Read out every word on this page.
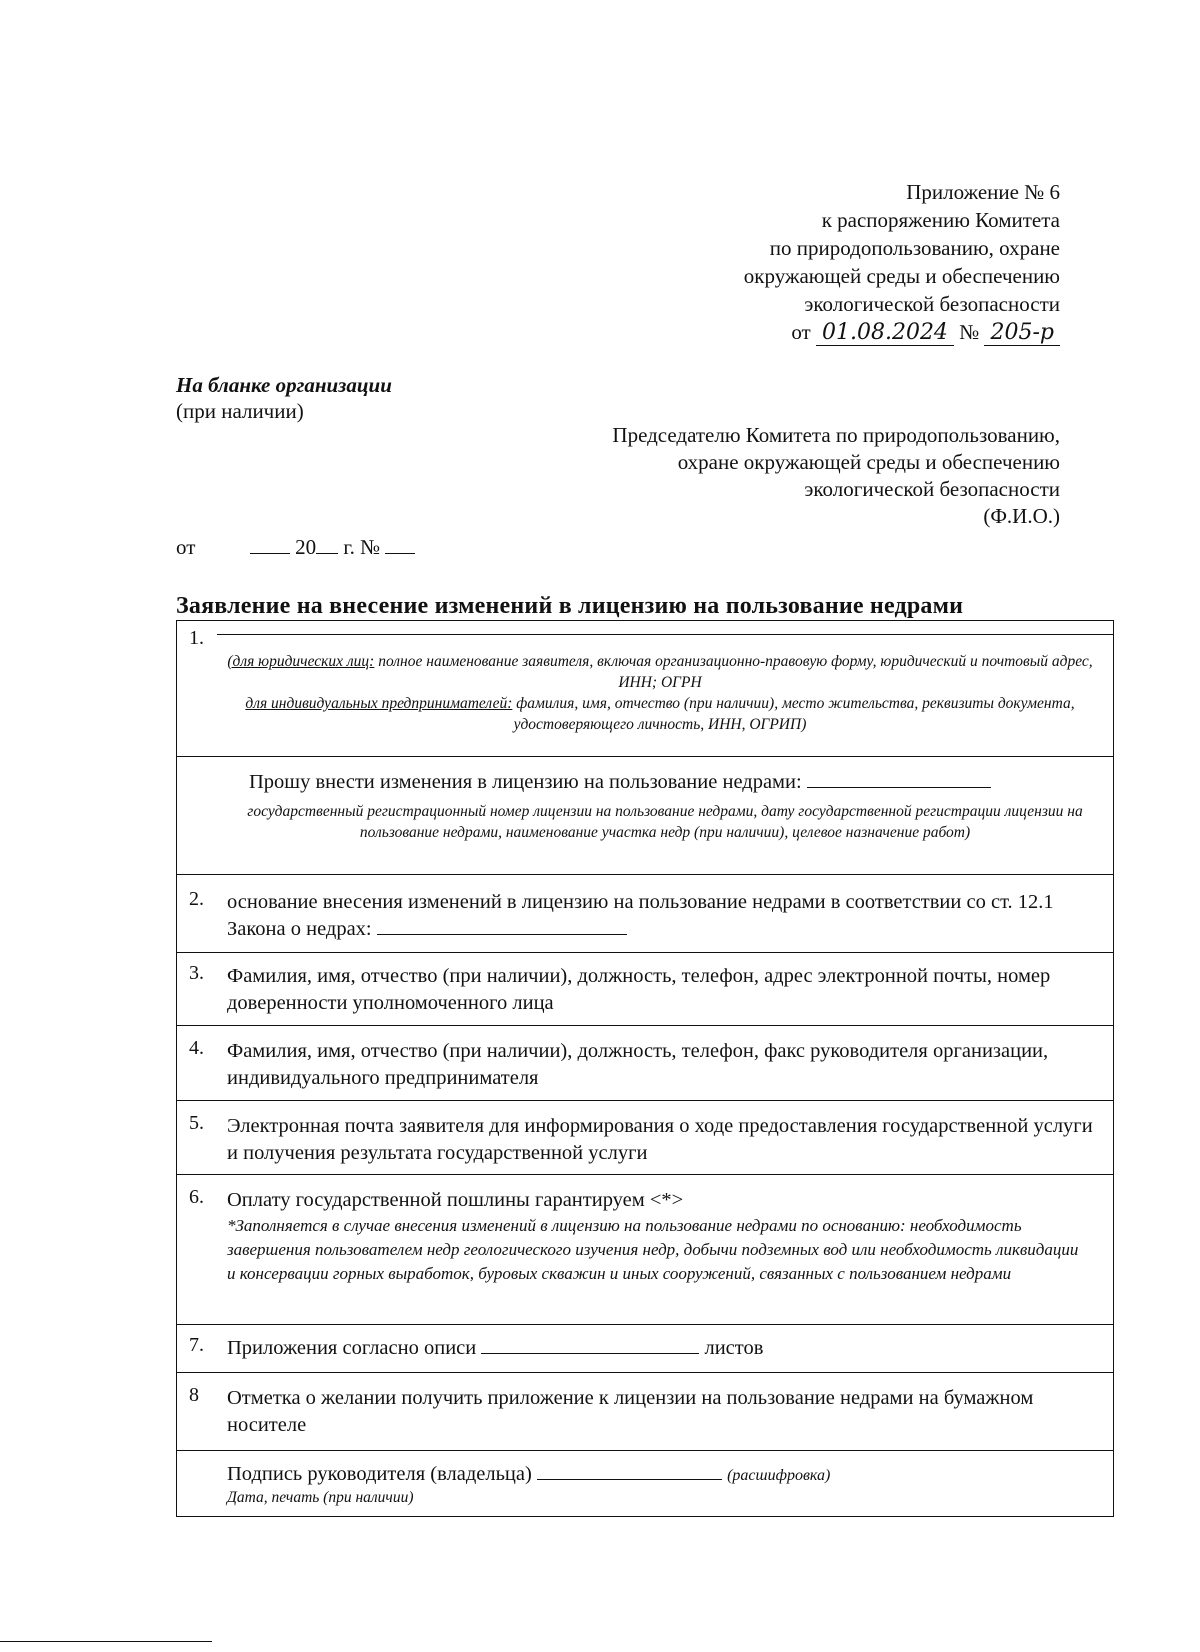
Приложение № 6
к распоряжению Комитета
по природопользованию, охране
окружающей среды и обеспечению
экологической безопасности
от 01.08.2024 № 205-р
На бланке организации
(при наличии)
Председателю Комитета по природопользованию,
охране окружающей среды и обеспечению
экологической безопасности
(Ф.И.О.)
от	20 г. №
Заявление на внесение изменений в лицензию на пользование недрами
1.
(для юридических лиц: полное наименование заявителя, включая организационно-правовую форму, юридический и почтовый адрес, ИНН; ОГРН
для индивидуальных предпринимателей: фамилия, имя, отчество (при наличии), место жительства, реквизиты документа, удостоверяющего личность, ИНН, ОГРИП)
Прошу внести изменения в лицензию на пользование недрами:
государственный регистрационный номер лицензии на пользование недрами, дату государственной регистрации лицензии на пользование недрами, наименование участка недр (при наличии), целевое назначение работ)
2. основание внесения изменений в лицензию на пользование недрами в соответствии со ст. 12.1 Закона о недрах:
3. Фамилия, имя, отчество (при наличии), должность, телефон, адрес электронной почты, номер доверенности уполномоченного лица
4. Фамилия, имя, отчество (при наличии), должность, телефон, факс руководителя организации, индивидуального предпринимателя
5. Электронная почта заявителя для информирования о ходе предоставления государственной услуги и получения результата государственной услуги
6. Оплату государственной пошлины гарантируем <*>
*Заполняется в случае внесения изменений в лицензию на пользование недрами по основанию: необходимость завершения пользователем недр геологического изучения недр, добычи подземных вод или необходимость ликвидации и консервации горных выработок, буровых скважин и иных сооружений, связанных с пользованием недрами
7. Приложения согласно описи	листов
8 Отметка о желании получить приложение к лицензии на пользование недрами на бумажном носителе
Подпись руководителя (владельца)	(расшифровка)
Дата, печать (при наличии)
